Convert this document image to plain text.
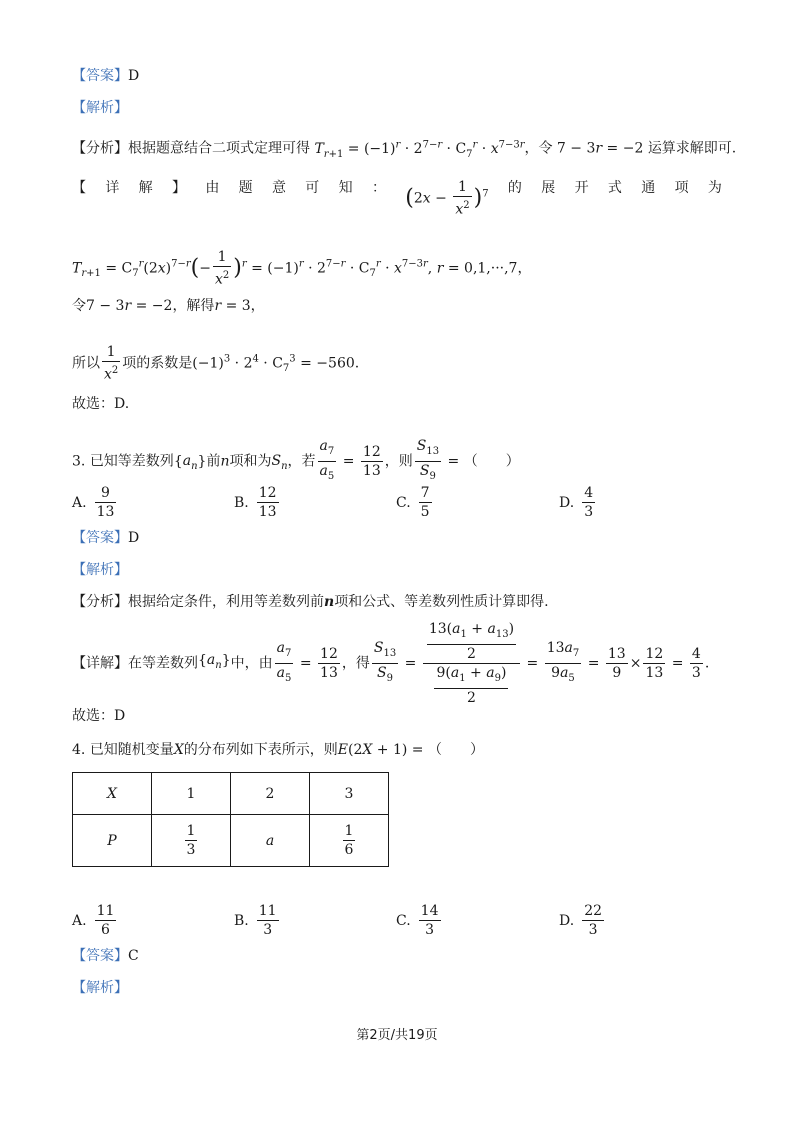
【答案】D
【解析】
【分析】根据题意结合二项式定理可得 $T_{r+1} = (-1)^r \cdot 2^{7-r} \cdot C_7^r \cdot x^{7-3r}$，令 7 − 3r = −2 运算求解即可.
【 详 解 】 由 题 意 可 知 ： $(2x - \frac{1}{x^2} )^7$ 的 展 开 式 通 项 为
$T_{r+1} = C_7^r(2x)^{7-r}(- \frac{1}{x^2} )^r = (-1)^r \cdot 2^{7-r} \cdot C_7^r \cdot x^{7-3r}$, r = 0,1,···,7，
令7 − 3r = −2，解得r = 3，
所以 $\frac{1}{x^2}$ 项的系数是$(-1)^3 \cdot 2^4 \cdot C_7^3 = -560$.
故选：D.
3. 已知等差数列$\{a_n\}$前n项和为$S_n$，若 $\frac{a_7}{a_5} = \frac{12}{13}$ ，则 $\frac{S_{13}}{S_9}$ = （　　）
A. $\frac{9}{13}$	B. $\frac{12}{13}$	C. $\frac{7}{5}$	D. $\frac{4}{3}$
【答案】D
【解析】
【分析】根据给定条件，利用等差数列前n项和公式、等差数列性质计算即得.
【详解】在等差数列$\{a_n\}$中，由 $\frac{a_7}{a_5} = \frac{12}{13}$ ，得 $\frac{S_{13}}{S_9} = \frac{\frac{13(a_1 + a_{13})}{2}}{\frac{9(a_1 + a_9)}{2}} = \frac{13a_7}{9a_5} = \frac{13}{9} \times \frac{12}{13} = \frac{4}{3}$ .
故选：D
4. 已知随机变量X的分布列如下表所示，则E(2X + 1) = （　　）
X	1	2	3
P	$\frac{1}{3}$	a	$\frac{1}{6}$
A. $\frac{11}{6}$	B. $\frac{11}{3}$	C. $\frac{14}{3}$	D. $\frac{22}{3}$
【答案】C
【解析】
第2页/共19页
